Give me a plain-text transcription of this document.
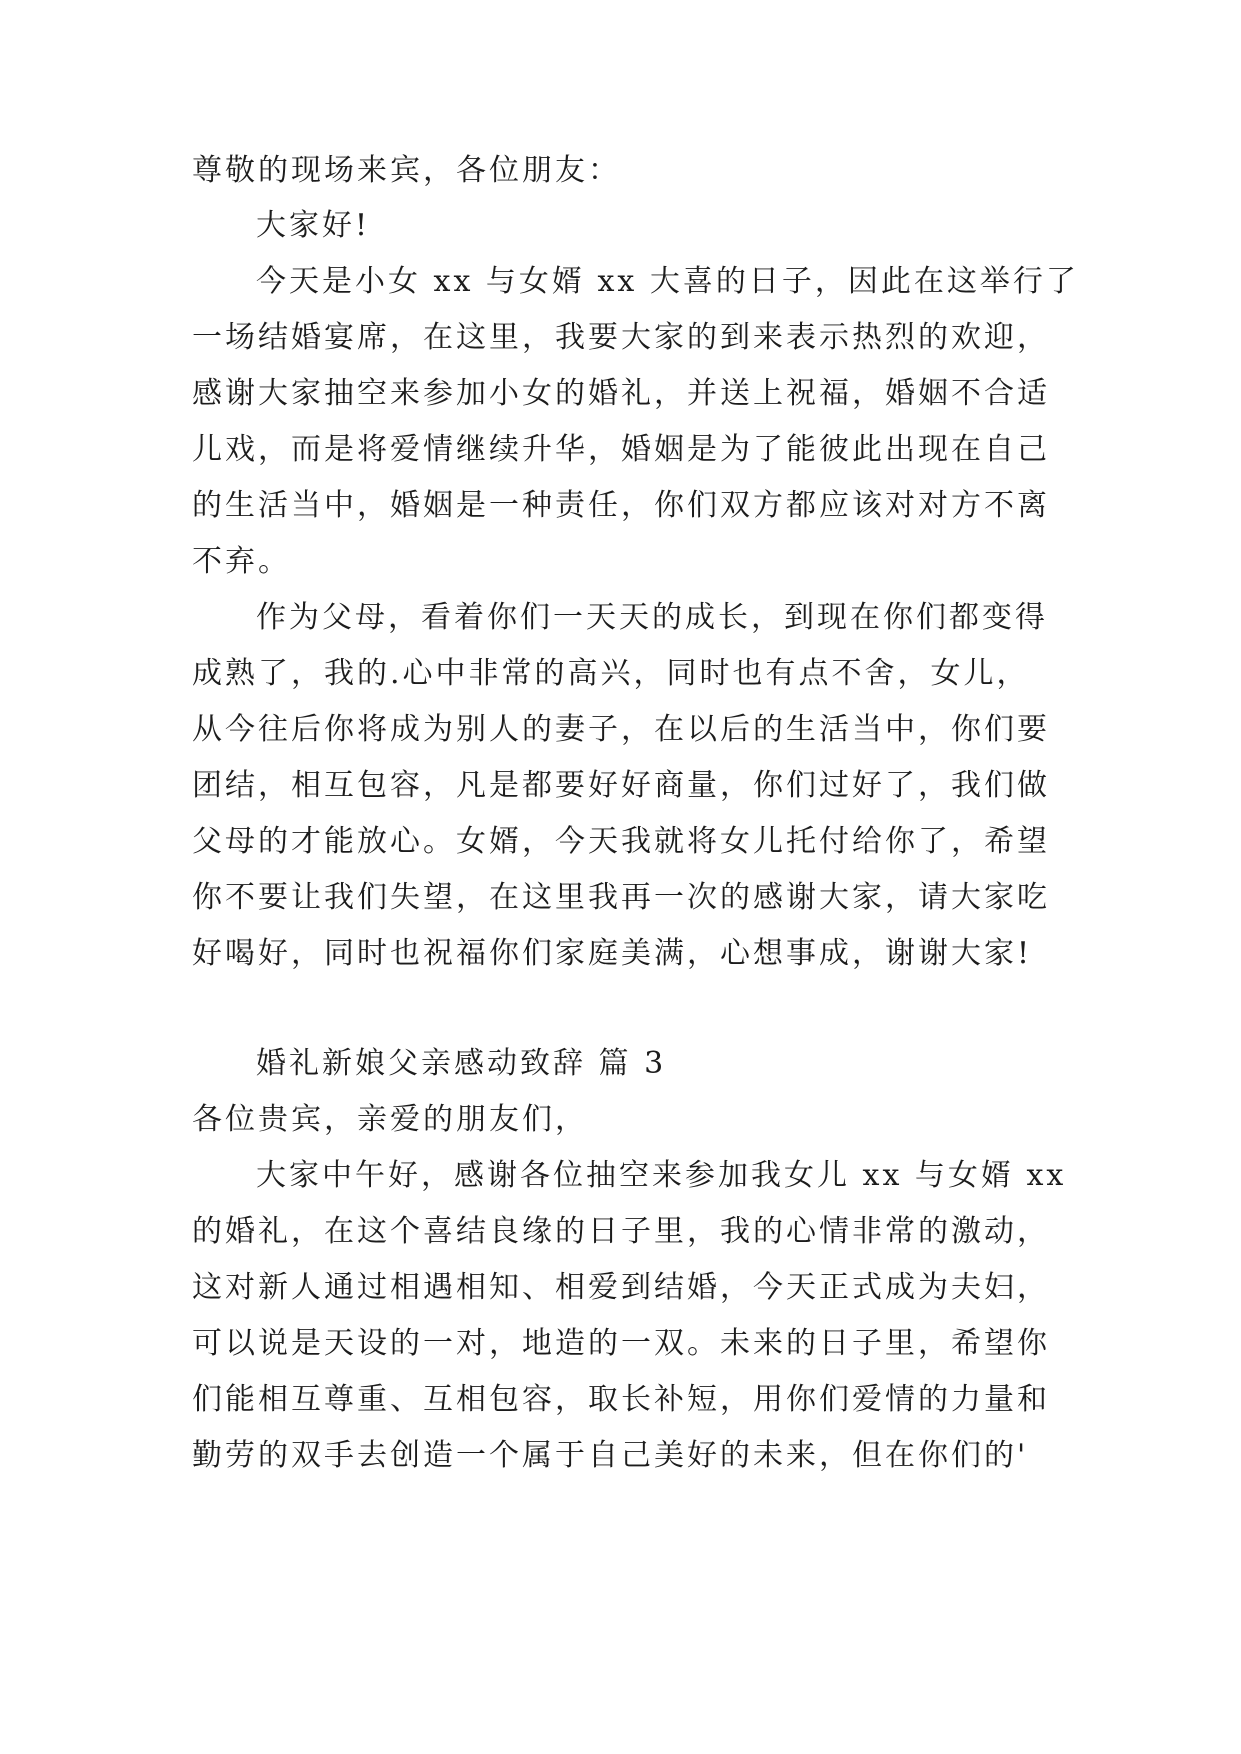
尊敬的现场来宾，各位朋友：

大家好!

今天是小女 xx 与女婿 xx 大喜的日子，因此在这举行了

一场结婚宴席，在这里，我要大家的到来表示热烈的欢迎，

感谢大家抽空来参加小女的婚礼，并送上祝福，婚姻不合适

儿戏，而是将爱情继续升华，婚姻是为了能彼此出现在自己

的生活当中，婚姻是一种责任，你们双方都应该对对方不离

不弃。

作为父母，看着你们一天天的成长，到现在你们都变得

成熟了，我的.心中非常的高兴，同时也有点不舍，女儿，

从今往后你将成为别人的妻子，在以后的生活当中，你们要

团结，相互包容，凡是都要好好商量，你们过好了，我们做

父母的才能放心。女婿，今天我就将女儿托付给你了，希望

你不要让我们失望，在这里我再一次的感谢大家，请大家吃

好喝好，同时也祝福你们家庭美满，心想事成，谢谢大家!

婚礼新娘父亲感动致辞 篇 3

各位贵宾，亲爱的朋友们，

大家中午好，感谢各位抽空来参加我女儿 xx 与女婿 xx

的婚礼，在这个喜结良缘的日子里，我的心情非常的激动，

这对新人通过相遇相知、相爱到结婚，今天正式成为夫妇，

可以说是天设的一对，地造的一双。未来的日子里，希望你

们能相互尊重、互相包容，取长补短，用你们爱情的力量和

勤劳的双手去创造一个属于自己美好的未来，但在你们的'
